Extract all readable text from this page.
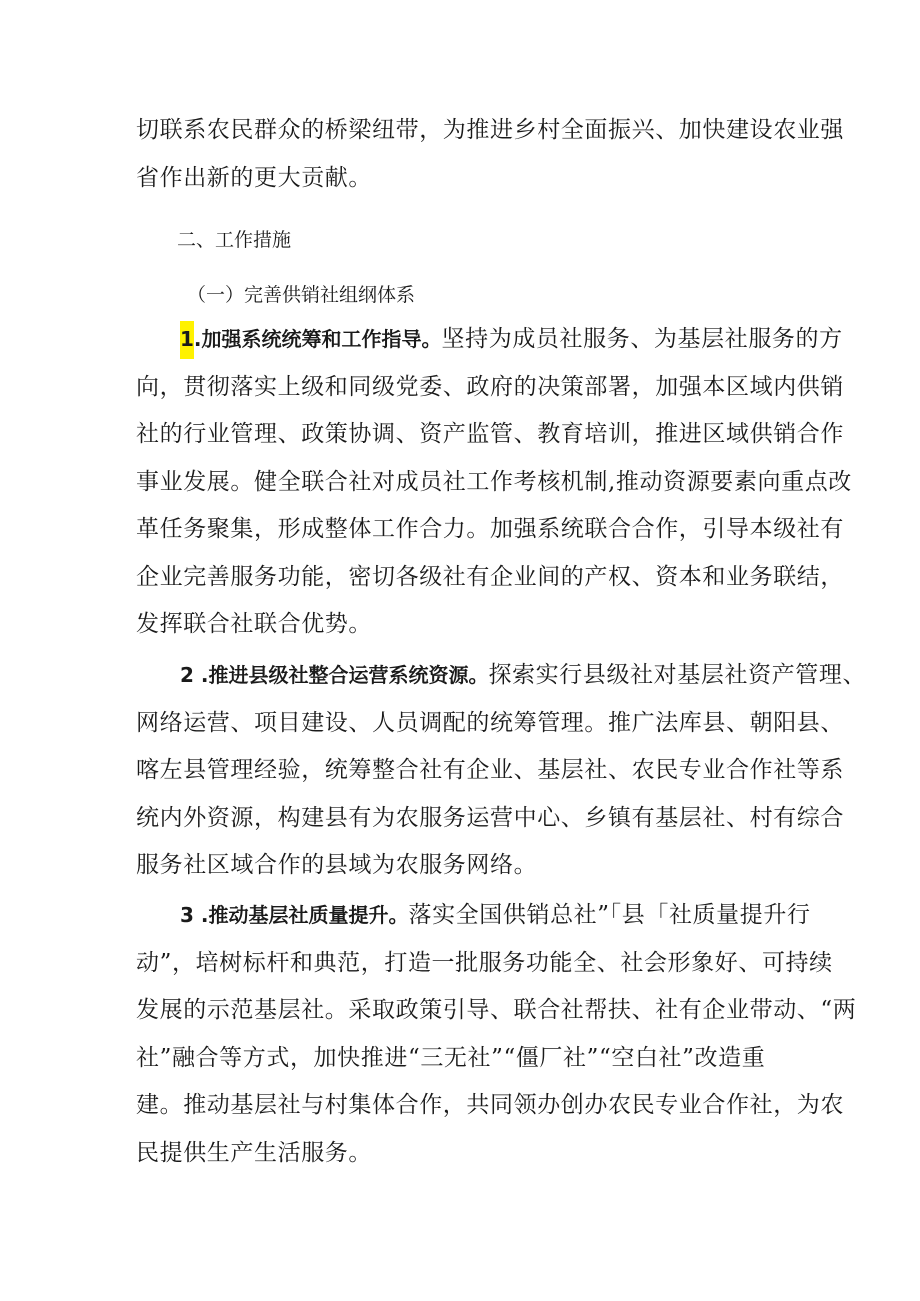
切联系农民群众的桥梁纽带，为推进乡村全面振兴、加快建设农业强
省作出新的更大贡献。
二、工作措施
（一）完善供销社组纲体系
1.加强系统统筹和工作指导。坚持为成员社服务、为基层社服务的方
向，贯彻落实上级和同级党委、政府的决策部署，加强本区域内供销
社的行业管理、政策协调、资产监管、教育培训，推进区域供销合作
事业发展。健全联合社对成员社工作考核机制,推动资源要素向重点改
革任务聚集，形成整体工作合力。加强系统联合合作，引导本级社有
企业完善服务功能，密切各级社有企业间的产权、资本和业务联结，
发挥联合社联合优势。
2 .推进县级社整合运营系统资源。探索实行县级社对基层社资产管理、
网络运营、项目建设、人员调配的统筹管理。推广法库县、朝阳县、
喀左县管理经验，统筹整合社有企业、基层社、农民专业合作社等系
统内外资源，构建县有为农服务运营中心、乡镇有基层社、村有综合
服务社区域合作的县域为农服务网络。
3 .推动基层社质量提升。落实全国供销总社”「县「社质量提升行
动”，培树标杆和典范，打造一批服务功能全、社会形象好、可持续
发展的示范基层社。采取政策引导、联合社帮扶、社有企业带动、“两
社”融合等方式，加快推进“三无社”“僵厂社”“空白社”改造重
建。推动基层社与村集体合作，共同领办创办农民专业合作社，为农
民提供生产生活服务。
